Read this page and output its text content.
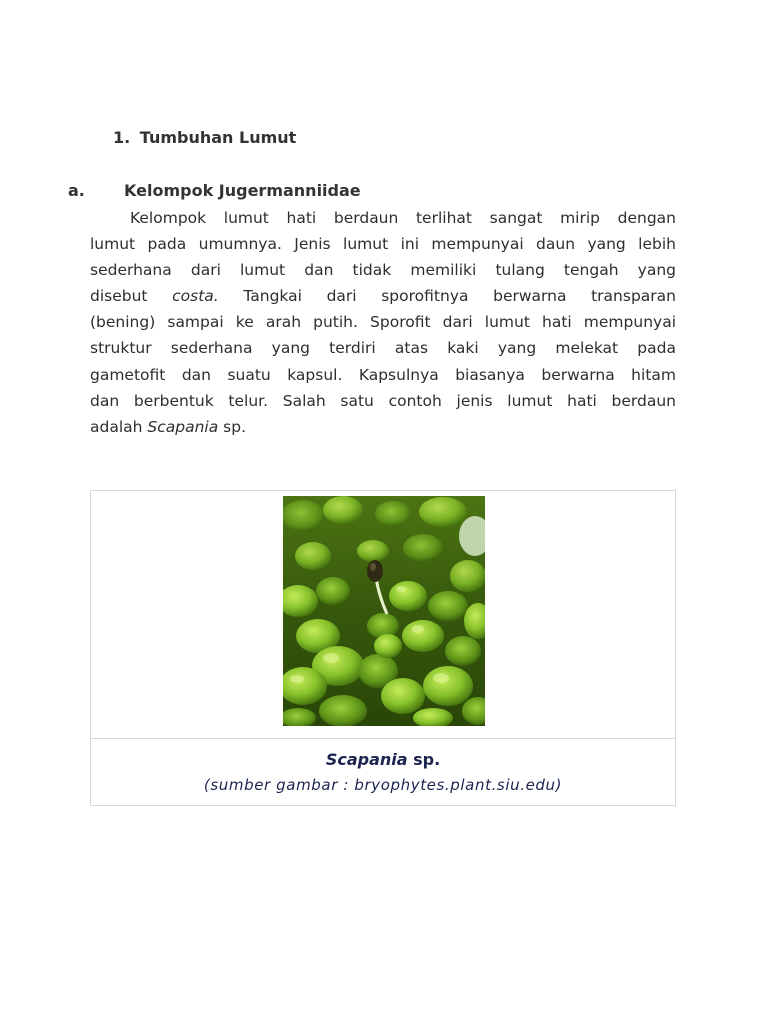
1. Tumbuhan Lumut
a. Kelompok Jugermanniidae
Kelompok lumut hati berdaun terlihat sangat mirip dengan
lumut pada umumnya. Jenis lumut ini mempunyai daun yang lebih
sederhana dari lumut dan tidak memiliki tulang tengah yang
disebut costa. Tangkai dari sporofitnya berwarna transparan
(bening) sampai ke arah putih. Sporofit dari lumut hati mempunyai
struktur sederhana yang terdiri atas kaki yang melekat pada
gametofit dan suatu kapsul. Kapsulnya biasanya berwarna hitam
dan berbentuk telur. Salah satu contoh jenis lumut hati berdaun
adalah Scapania sp.
Scapania sp.
(sumber gambar : bryophytes.plant.siu.edu)
